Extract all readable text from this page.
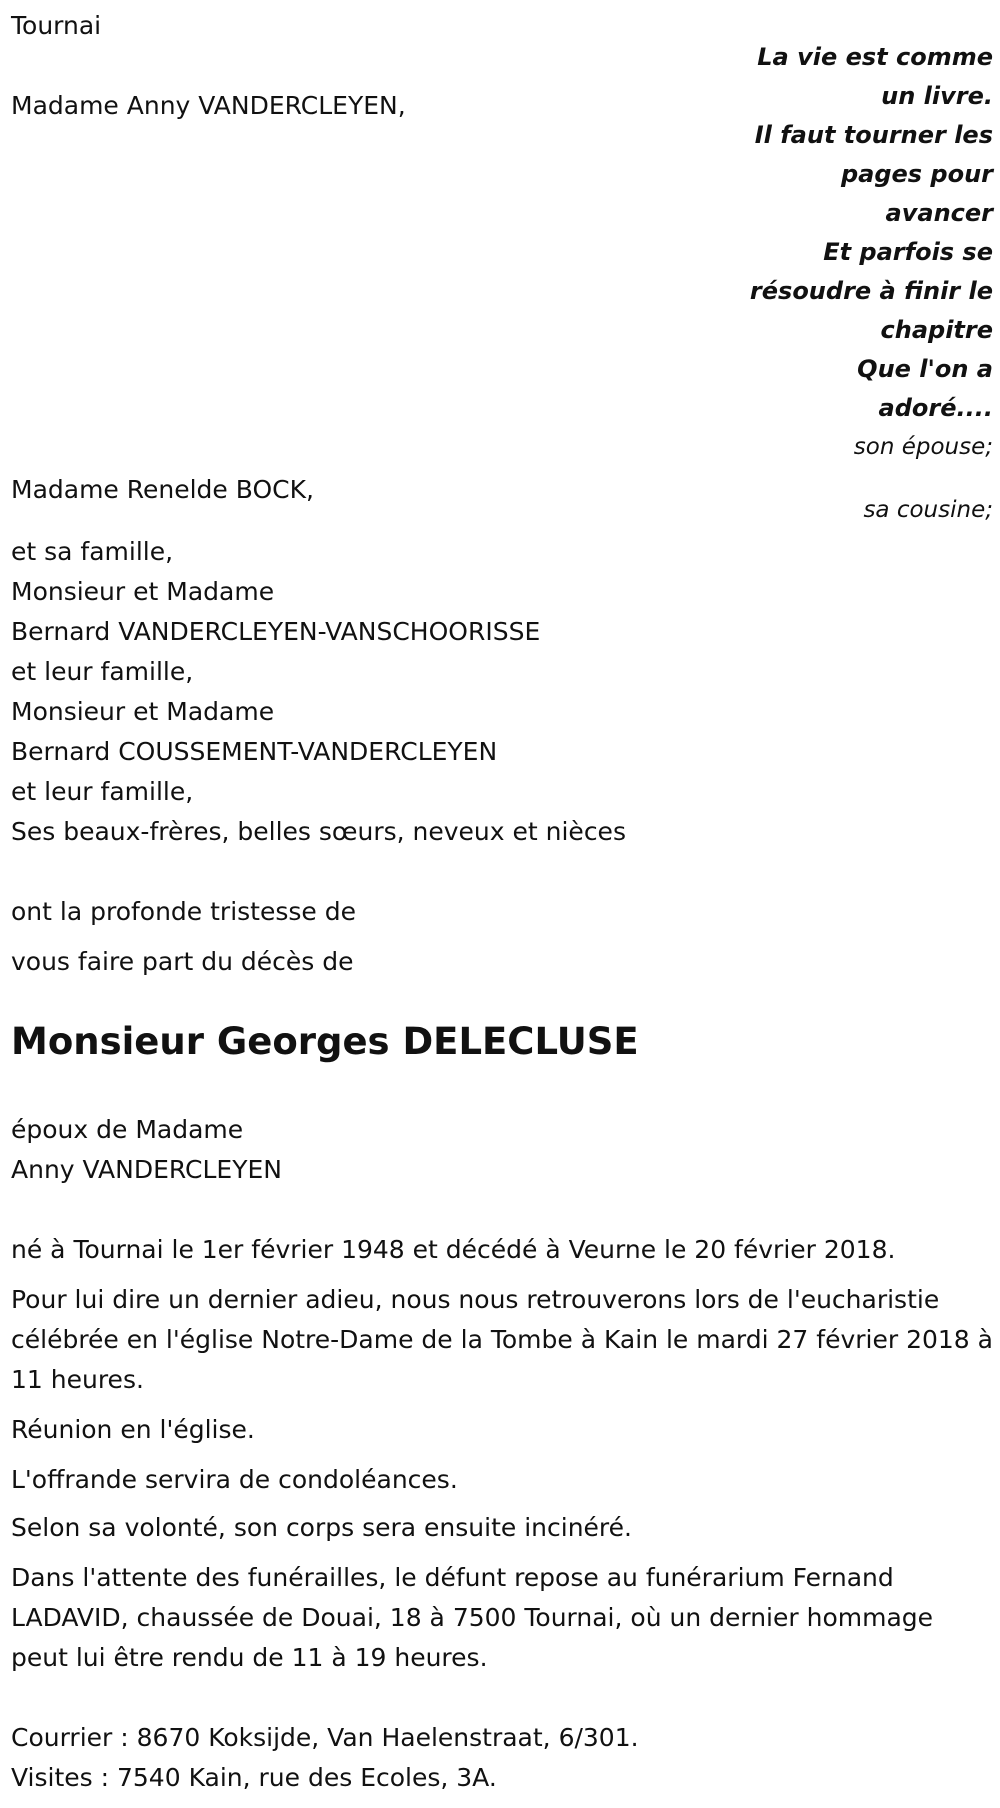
Tournai

La vie est comme
un livre.
Il faut tourner les
pages pour
avancer
Et parfois se
résoudre à finir le
chapitre
Que l'on a
adoré....

Madame Anny VANDERCLEYEN,

son épouse;

Madame Renelde BOCK,

sa cousine;

et sa famille,

Monsieur et Madame

Bernard VANDERCLEYEN-VANSCHOORISSE

et leur famille,

Monsieur et Madame

Bernard COUSSEMENT-VANDERCLEYEN

et leur famille,

Ses beaux-frères, belles sœurs, neveux et nièces

ont la profonde tristesse de

vous faire part du décès de

Monsieur Georges DELECLUSE

époux de Madame

Anny VANDERCLEYEN

né à Tournai le 1er février 1948 et décédé à Veurne le 20 février 2018.

Pour lui dire un dernier adieu, nous nous retrouverons lors de l'eucharistie célébrée en l'église Notre-Dame de la Tombe à Kain le mardi 27 février 2018 à 11 heures.

Réunion en l'église.

L'offrande servira de condoléances.

Selon sa volonté, son corps sera ensuite incinéré.

Dans l'attente des funérailles, le défunt repose au funérarium Fernand LADAVID, chaussée de Douai, 18 à 7500 Tournai, où un dernier hommage peut lui être rendu de 11 à 19 heures.

Courrier : 8670 Koksijde, Van Haelenstraat, 6/301.

Visites : 7540 Kain, rue des Ecoles, 3A.
